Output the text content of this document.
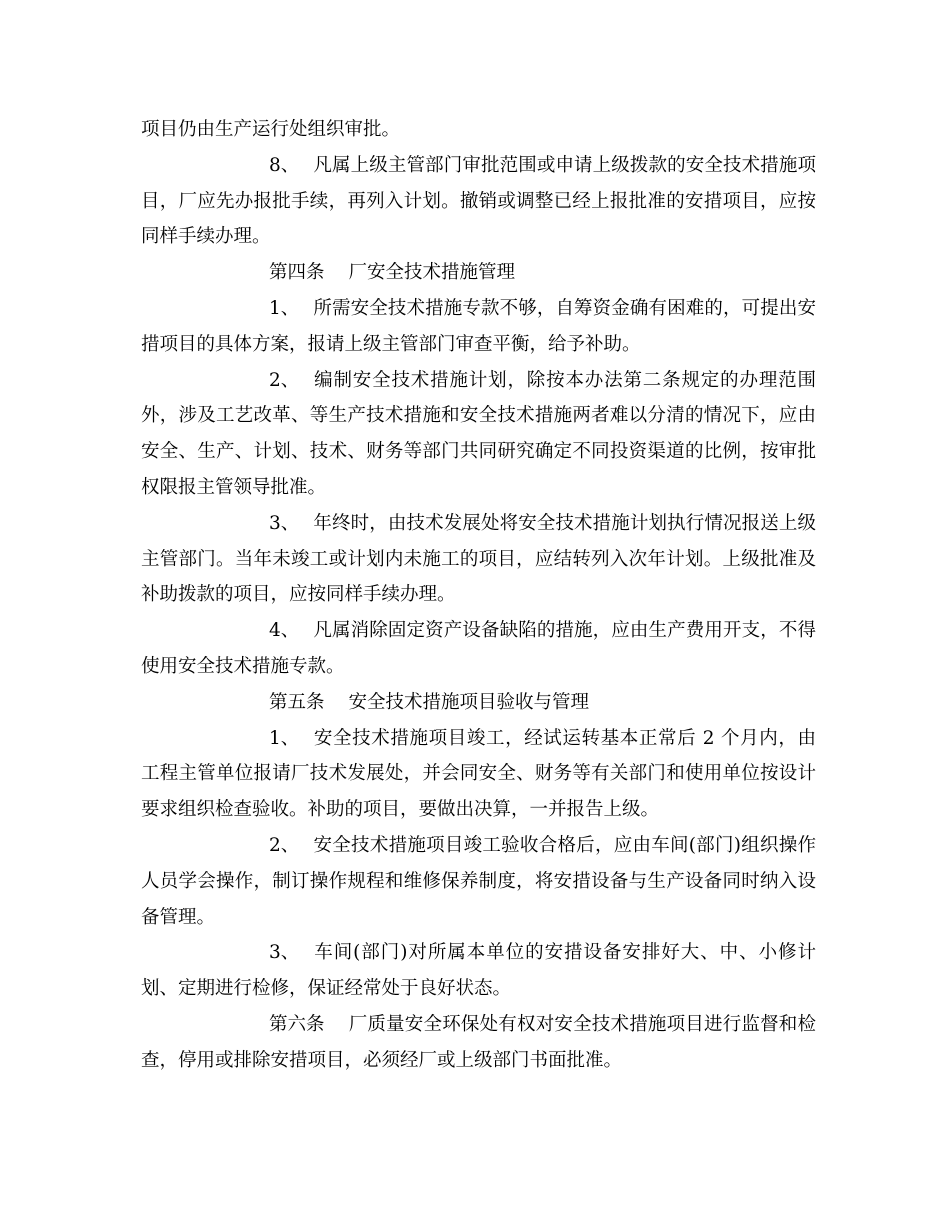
项目仍由生产运行处组织审批。

8、 凡属上级主管部门审批范围或申请上级拨款的安全技术措施项目，厂应先办报批手续，再列入计划。撤销或调整已经上报批准的安措项目，应按同样手续办理。

第四条 厂安全技术措施管理

1、 所需安全技术措施专款不够，自筹资金确有困难的，可提出安措项目的具体方案，报请上级主管部门审查平衡，给予补助。

2、 编制安全技术措施计划，除按本办法第二条规定的办理范围外，涉及工艺改革、等生产技术措施和安全技术措施两者难以分清的情况下，应由安全、生产、计划、技术、财务等部门共同研究确定不同投资渠道的比例，按审批权限报主管领导批准。

3、 年终时，由技术发展处将安全技术措施计划执行情况报送上级主管部门。当年未竣工或计划内未施工的项目，应结转列入次年计划。上级批准及补助拨款的项目，应按同样手续办理。

4、 凡属消除固定资产设备缺陷的措施，应由生产费用开支，不得使用安全技术措施专款。

第五条 安全技术措施项目验收与管理

1、 安全技术措施项目竣工，经试运转基本正常后 2 个月内，由工程主管单位报请厂技术发展处，并会同安全、财务等有关部门和使用单位按设计要求组织检查验收。补助的项目，要做出决算，一并报告上级。

2、 安全技术措施项目竣工验收合格后，应由车间(部门)组织操作人员学会操作，制订操作规程和维修保养制度，将安措设备与生产设备同时纳入设备管理。

3、 车间(部门)对所属本单位的安措设备安排好大、中、小修计划、定期进行检修，保证经常处于良好状态。

第六条 厂质量安全环保处有权对安全技术措施项目进行监督和检查，停用或排除安措项目，必须经厂或上级部门书面批准。
